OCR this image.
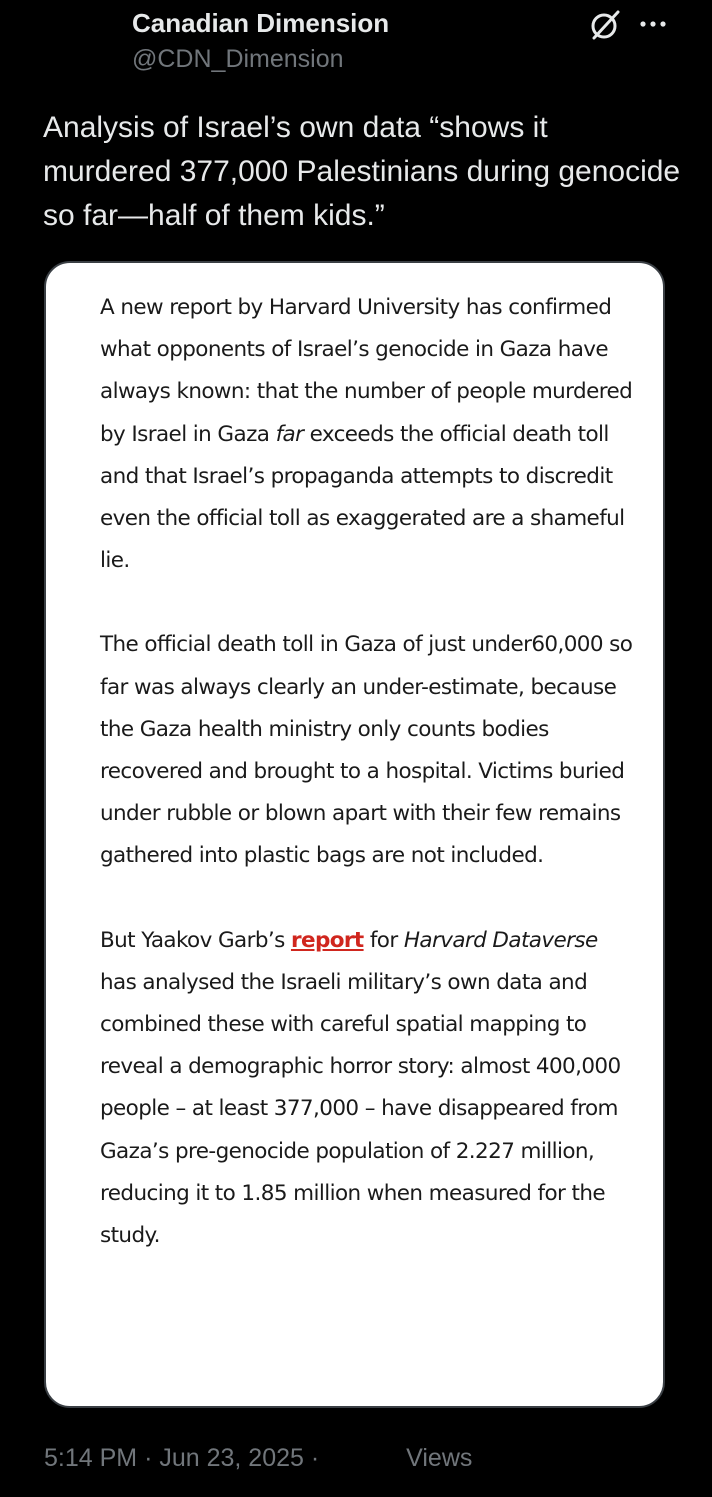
Canadian Dimension
@CDN_Dimension

Analysis of Israel’s own data “shows it murdered 377,000 Palestinians during genocide so far—half of them kids.”

A new report by Harvard University has confirmed what opponents of Israel’s genocide in Gaza have always known: that the number of people murdered by Israel in Gaza far exceeds the official death toll and that Israel’s propaganda attempts to discredit even the official toll as exaggerated are a shameful lie.

The official death toll in Gaza of just under60,000 so far was always clearly an under-estimate, because the Gaza health ministry only counts bodies recovered and brought to a hospital. Victims buried under rubble or blown apart with their few remains gathered into plastic bags are not included.

But Yaakov Garb’s report for Harvard Dataverse has analysed the Israeli military’s own data and combined these with careful spatial mapping to reveal a demographic horror story: almost 400,000 people – at least 377,000 – have disappeared from Gaza’s pre-genocide population of 2.227 million, reducing it to 1.85 million when measured for the study.

5:14 PM · Jun 23, 2025 ·	Views
